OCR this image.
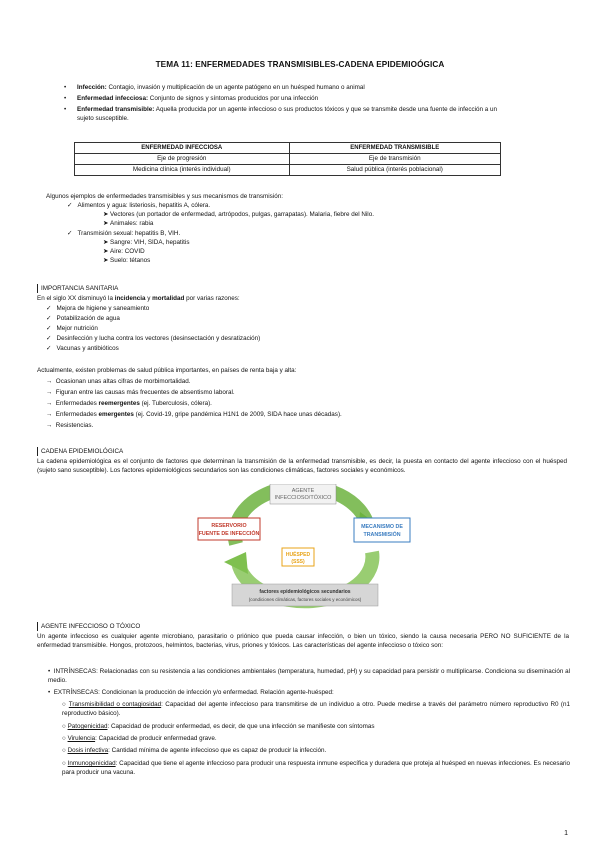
TEMA 11: ENFERMEDADES TRANSMISIBLES-CADENA EPIDEMIOÓGICA
• Infección: Contagio, invasión y multiplicación de un agente patógeno en un huésped humano o animal
• Enfermedad infecciosa: Conjunto de signos y síntomas producidos por una infección
• Enfermedad transmisible: Aquella producida por un agente infeccioso o sus productos tóxicos y que se transmite desde una fuente de infección a un
sujeto susceptible.
ENFERMEDAD INFECCIOSA	ENFERMEDAD TRANSMISIBLE
Eje de progresión	Eje de transmisión
Medicina clínica (interés individual)	Salud pública (interés poblacional)
Algunos ejemplos de enfermedades transmisibles y sus mecanismos de transmisión:
✓ Alimentos y agua: listeriosis, hepatitis A, cólera.
➤ Vectores (un portador de enfermedad, artrópodos, pulgas, garrapatas). Malaria, fiebre del Nilo.
➤ Animales: rabia
✓ Transmisión sexual: hepatitis B, VIH.
➤ Sangre: VIH, SIDA, hepatitis
➤ Aire: COVID
➤ Suelo: tétanos
IMPORTANCIA SANITARIA
En el siglo XX disminuyó la incidencia y mortalidad por varias razones:
✓ Mejora de higiene y saneamiento
✓ Potabilización de agua
✓ Mejor nutrición
✓ Desinfección y lucha contra los vectores (desinsectación y desratización)
✓ Vacunas y antibióticos
Actualmente, existen problemas de salud pública importantes, en países de renta baja y alta:
→ Ocasionan unas altas cifras de morbimortalidad.
→ Figuran entre las causas más frecuentes de absentismo laboral.
→ Enfermedades reemergentes (ej. Tuberculosis, cólera).
→ Enfermedades emergentes (ej. Covid-19, gripe pandémica H1N1 de 2009, SIDA hace unas décadas).
→ Resistencias.
CADENA EPIDEMIOLÓGICA
La cadena epidemiológica es el conjunto de factores que determinan la transmisión de la enfermedad transmisible, es decir, la puesta en contacto del agente infeccioso con el huésped (sujeto sano susceptible). Los factores epidemiológicos secundarios son las condiciones climáticas, factores sociales y económicos.
AGENTE
INFECCIOSO/TÓXICO
RESERVORIO
FUENTE DE INFECCIÓN
MECANISMO DE
TRANSMISIÓN
HUÉSPED
(SSS)
factores epidemiológicos secundarios
(condiciones climáticas, factores sociales y económicos)
AGENTE INFECCIOSO O TÓXICO
Un agente infeccioso es cualquier agente microbiano, parasitario o priónico que pueda causar infección, o bien un tóxico, siendo la causa necesaria PERO NO SUFICIENTE de la enfermedad transmisible. Hongos, protozoos, helmintos, bacterias, virus, priones y tóxicos. Las características del agente infeccioso o tóxico son:
• INTRÍNSECAS: Relacionadas con su resistencia a las condiciones ambientales (temperatura, humedad, pH) y su capacidad para persistir o multiplicarse. Condiciona su diseminación al medio.
• EXTRÍNSECAS: Condicionan la producción de infección y/o enfermedad. Relación agente-huésped:
○ Transmisibilidad o contagiosidad: Capacidad del agente infeccioso para transmitirse de un individuo a otro. Puede medirse a través del parámetro número reproductivo R0 (n1 reproductivo básico).
○ Patogenicidad: Capacidad de producir enfermedad, es decir, de que una infección se manifieste con síntomas
○ Virulencia: Capacidad de producir enfermedad grave.
○ Dosis infectiva: Cantidad mínima de agente infeccioso que es capaz de producir la infección.
○ Inmunogenicidad: Capacidad que tiene el agente infeccioso para producir una respuesta inmune específica y duradera que proteja al huésped en nuevas infecciones. Es necesario para producir una vacuna.
1
